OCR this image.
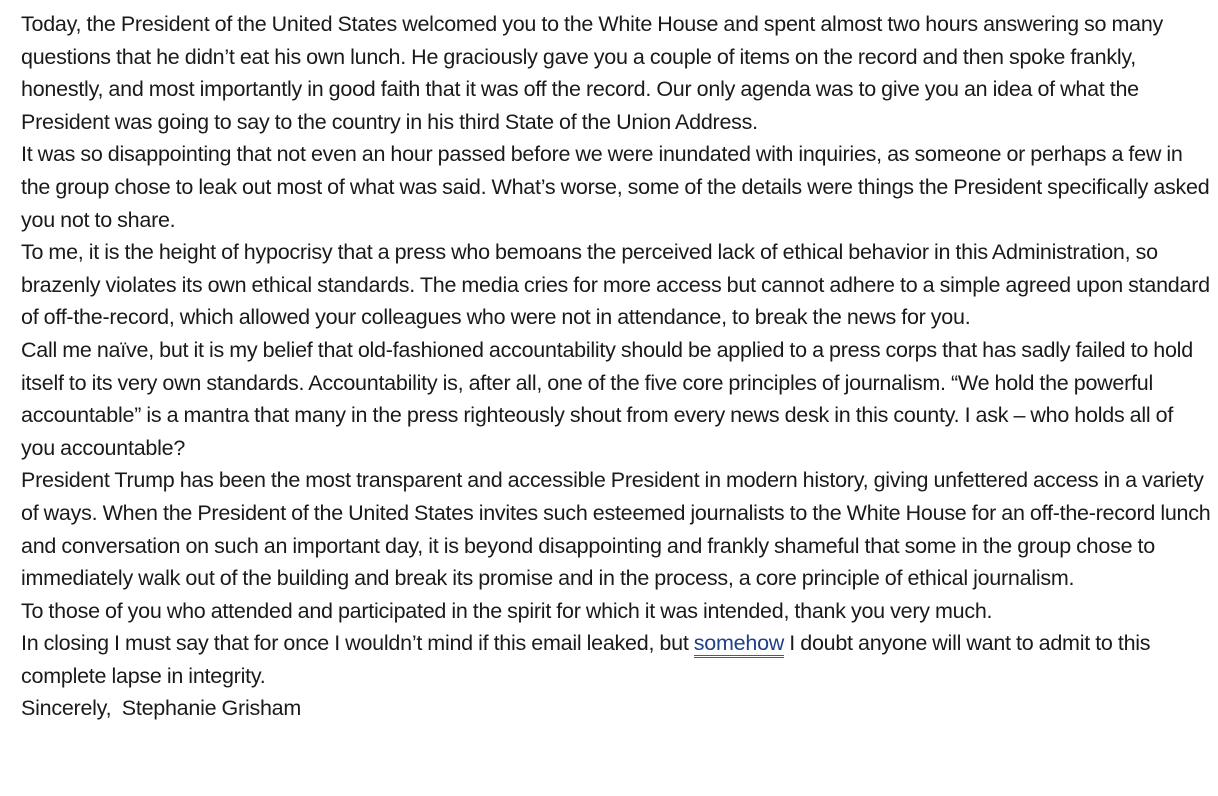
Today, the President of the United States welcomed you to the White House and spent almost two hours answering so many questions that he didn’t eat his own lunch. He graciously gave you a couple of items on the record and then spoke frankly, honestly, and most importantly in good faith that it was off the record. Our only agenda was to give you an idea of what the President was going to say to the country in his third State of the Union Address.

It was so disappointing that not even an hour passed before we were inundated with inquiries, as someone or perhaps a few in the group chose to leak out most of what was said. What’s worse, some of the details were things the President specifically asked you not to share.

To me, it is the height of hypocrisy that a press who bemoans the perceived lack of ethical behavior in this Administration, so brazenly violates its own ethical standards. The media cries for more access but cannot adhere to a simple agreed upon standard of off-the-record, which allowed your colleagues who were not in attendance, to break the news for you.

Call me naïve, but it is my belief that old-fashioned accountability should be applied to a press corps that has sadly failed to hold itself to its very own standards. Accountability is, after all, one of the five core principles of journalism. “We hold the powerful accountable” is a mantra that many in the press righteously shout from every news desk in this county. I ask – who holds all of you accountable?

President Trump has been the most transparent and accessible President in modern history, giving unfettered access in a variety of ways. When the President of the United States invites such esteemed journalists to the White House for an off-the-record lunch and conversation on such an important day, it is beyond disappointing and frankly shameful that some in the group chose to immediately walk out of the building and break its promise and in the process, a core principle of ethical journalism.

To those of you who attended and participated in the spirit for which it was intended, thank you very much.

In closing I must say that for once I wouldn’t mind if this email leaked, but somehow I doubt anyone will want to admit to this complete lapse in integrity.

Sincerely,  Stephanie Grisham
